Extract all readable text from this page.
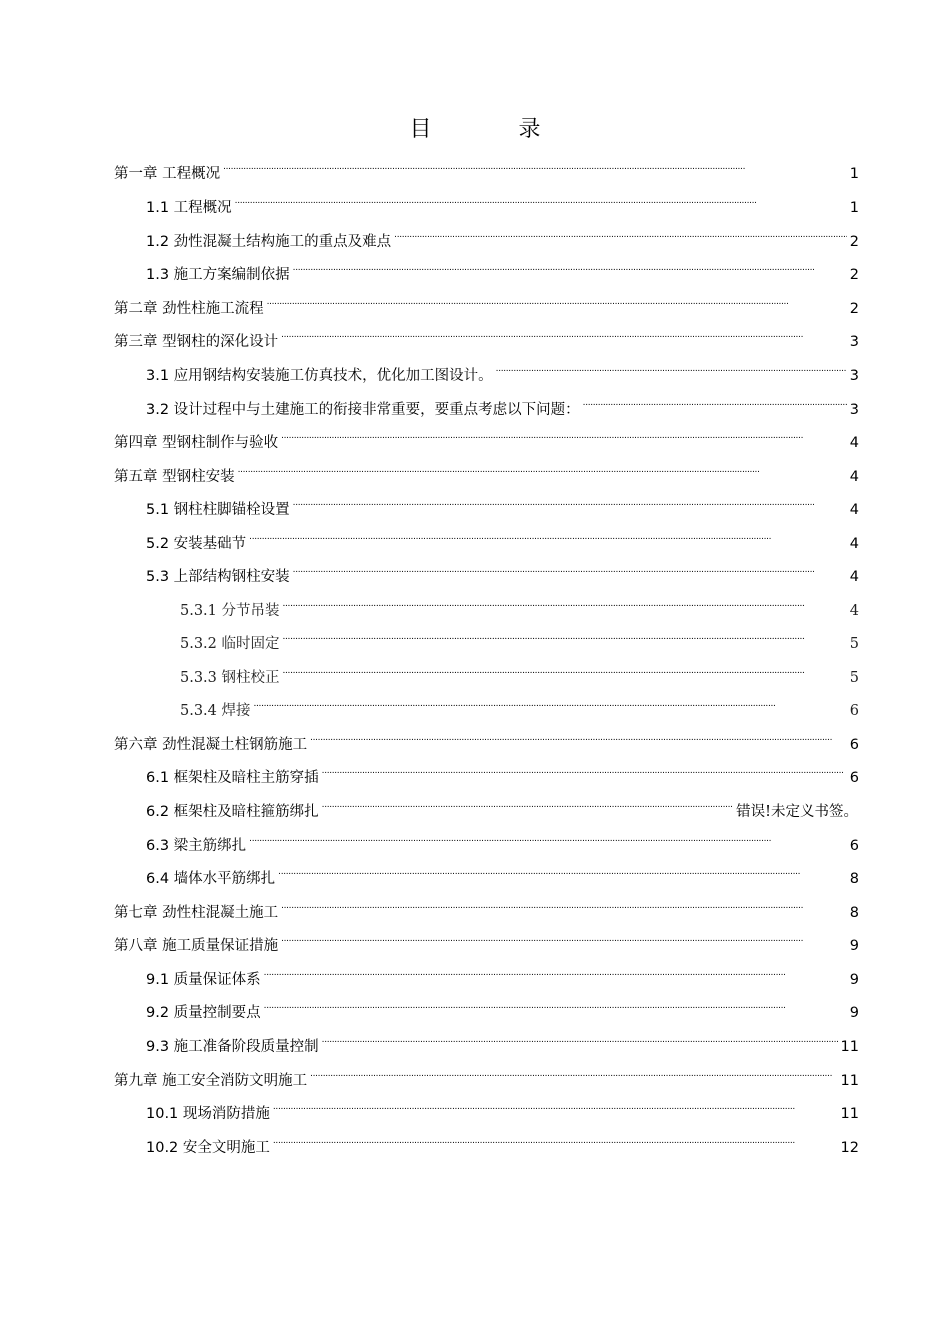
目 录
第一章 工程概况 . . .	1
1.1 工程概况 . . .	1
1.2 劲性混凝土结构施工的重点及难点 . . .	2
1.3 施工方案编制依据 . . .	2
第二章 劲性柱施工流程 . . .	2
第三章 型钢柱的深化设计 . . .	3
3.1 应用钢结构安装施工仿真技术，优化加工图设计。 . . .	3
3.2 设计过程中与土建施工的衔接非常重要，要重点考虑以下问题： . . .	3
第四章 型钢柱制作与验收 . . .	4
第五章 型钢柱安装 . . .	4
5.1 钢柱柱脚锚栓设置 . . .	4
5.2 安装基础节 . . .	4
5.3 上部结构钢柱安装 . . .	4
5.3.1 分节吊装 . . .	4
5.3.2 临时固定 . . .	5
5.3.3 钢柱校正 . . .	5
5.3.4 焊接 . . .	6
第六章 劲性混凝土柱钢筋施工 . . .	6
6.1 框架柱及暗柱主筋穿插 . . .	6
6.2 框架柱及暗柱箍筋绑扎 . . .	错误!未定义书签。
6.3 梁主筋绑扎 . . .	6
6.4 墙体水平筋绑扎 . . .	8
第七章 劲性柱混凝土施工 . . .	8
第八章 施工质量保证措施 . . .	9
9.1 质量保证体系 . . .	9
9.2 质量控制要点 . . .	9
9.3 施工准备阶段质量控制 . . .	11
第九章 施工安全消防文明施工 . . .	11
10.1 现场消防措施 . . .	11
10.2 安全文明施工 . . .	12
